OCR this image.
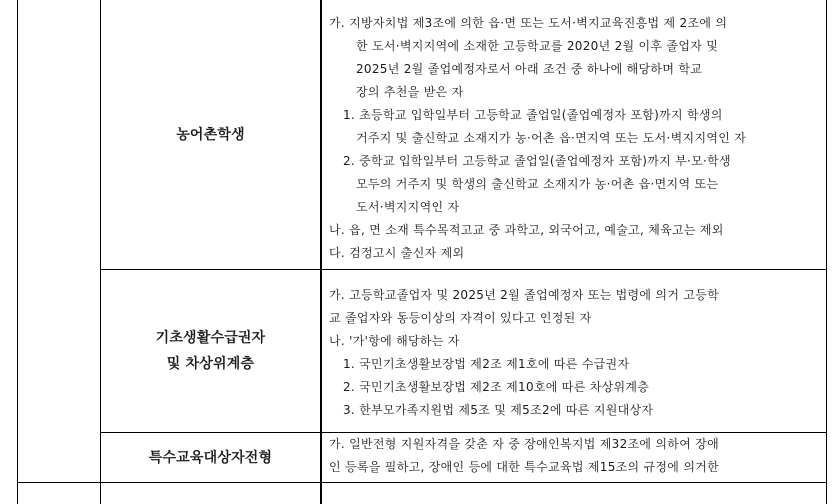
농어촌학생
가. 지방자치법 제3조에 의한 읍·면 또는 도서·벽지교육진흥법 제 2조에 의
한 도서·벽지지역에 소재한 고등학교를 2020년 2월 이후 졸업자 및
2025년 2월 졸업예정자로서 아래 조건 중 하나에 해당하며 학교
장의 추천을 받은 자
1. 초등학교 입학일부터 고등학교 졸업일(졸업예정자 포함)까지 학생의
거주지 및 출신학교 소재지가 농·어촌 읍·면지역 또는 도서·벽지지역인 자
2. 중학교 입학일부터 고등학교 졸업일(졸업예정자 포함)까지 부·모·학생
모두의 거주지 및 학생의 출신학교 소재지가 농·어촌 읍·면지역 또는
도서·벽지지역인 자
나. 읍, 면 소재 특수목적고교 중 과학고, 외국어고, 예술고, 체육고는 제외
다. 검정고시 출신자 제외
기초생활수급권자
및 차상위계층
가. 고등학교졸업자 및 2025년 2월 졸업예정자 또는 법령에 의거 고등학
교 졸업자와 동등이상의 자격이 있다고 인정된 자
나. '가'항에 해당하는 자
1. 국민기초생활보장법 제2조 제1호에 따른 수급권자
2. 국민기초생활보장법 제2조 제10호에 따른 차상위계층
3. 한부모가족지원법 제5조 및 제5조2에 따른 지원대상자
특수교육대상자전형
가. 일반전형 지원자격을 갖춘 자 중 장애인복지법 제32조에 의하여 장애
인 등록을 필하고, 장애인 등에 대한 특수교육법 제15조의 규정에 의거한
